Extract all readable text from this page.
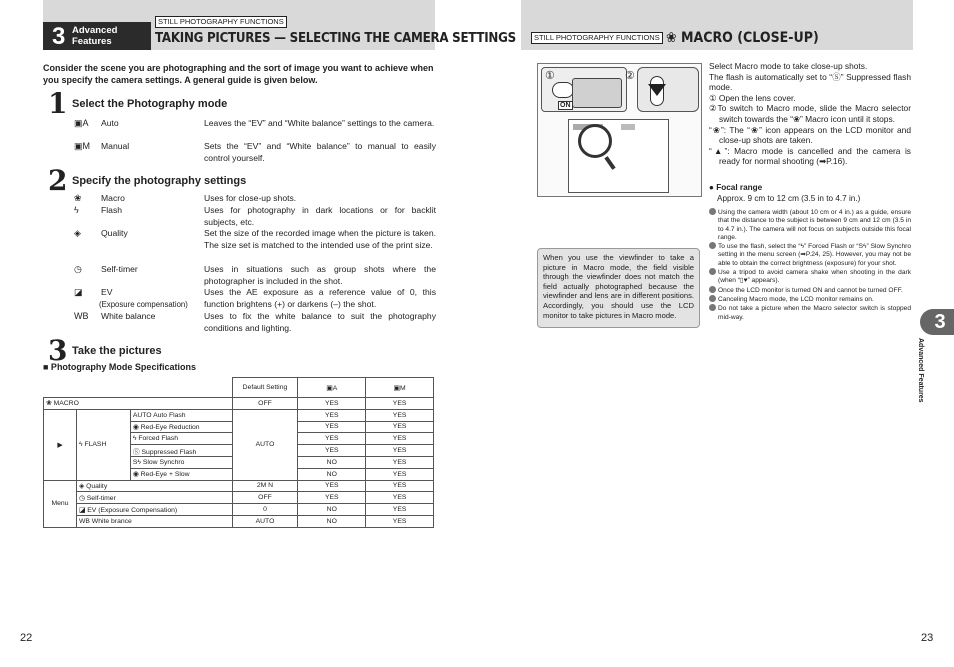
3 Advanced Features
STILL PHOTOGRAPHY FUNCTIONS
TAKING PICTURES — SELECTING THE CAMERA SETTINGS
Consider the scene you are photographing and the sort of image you want to achieve when you specify the camera settings. A general guide is given below.
1 Select the Photography mode
▣A	Auto	Leaves the “EV” and “White balance” settings to the camera.
▣M	Manual	Sets the “EV” and “White balance” to manual to easily control yourself.
2 Specify the photography settings
❀	Macro	Uses for close-up shots.
ϟ	Flash	Uses for photography in dark locations or for backlit subjects, etc.
◈	Quality	Set the size of the recorded image when the picture is taken. The size set is matched to the intended use of the print size.
◷	Self-timer	Uses in situations such as group shots where the photographer is included in the shot.
◪	EV
(Exposure compensation)
Uses the AE exposure as a reference value of 0, this function brightens (+) or darkens (–) the shot.
WB	White balance	Uses to fix the white balance to suit the photography conditions and lighting.
3 Take the pictures
■ Photography Mode Specifications
			Default Setting	▣A	▣M
❀ MACRO			OFF	YES	YES
▶	ϟ FLASH	AUTO Auto Flash	AUTO	YES	YES
		◉ Red-Eye Reduction		YES	YES
		ϟ Forced Flash		YES	YES
		Ⓢ Suppressed Flash		YES	YES
		Sϟ Slow Synchro		NO	YES
		◉ Red-Eye + Slow		NO	YES
Menu	◈ Quality		2M N	YES	YES
	◷ Self-timer		OFF	YES	YES
	◪ EV (Exposure Compensation)		0	NO	YES
	WB White brance		AUTO	NO	YES
22
STILL PHOTOGRAPHY FUNCTIONS ❀ MACRO (CLOSE-UP)
①
ON
②

Select Macro mode to take close-up shots.

The flash is automatically set to “Ⓢ” Suppressed flash mode.

① Open the lens cover.

②To switch to Macro mode, slide the Macro selector switch towards the “❀” Macro icon until it stops.

“❀”: The “❀” icon appears on the LCD monitor and close-up shots are taken.

“▲”: Macro mode is cancelled and the camera is ready for normal shooting (➡P.16).

● Focal range
Approx. 9 cm to 12 cm (3.5 in to 4.7 in.)
When you use the viewfinder to take a picture in Macro mode, the field visible through the viewfinder does not match the field actually photographed because the viewfinder and lens are in different positions. Accordingly, you should use the LCD monitor to take pictures in Macro mode.

Using the camera width (about 10 cm or 4 in.) as a guide, ensure that the distance to the subject is between 9 cm and 12 cm (3.5 in to 4.7 in.). The camera will not focus on subjects outside this focal range.

To use the flash, select the “ϟ” Forced Flash or “Sϟ” Slow Synchro setting in the menu screen (➡P.24, 25). However, you may not be able to obtain the correct brightness (exposure) for your shot.

Use a tripod to avoid camera shake when shooting in the dark (when “▯♥” appears).

Once the LCD monitor is turned ON and cannot be turned OFF.

Canceling Macro mode, the LCD monitor remains on.

Do not take a picture when the Macro selector switch is stopped mid-way.	3
Advanced Features
23
